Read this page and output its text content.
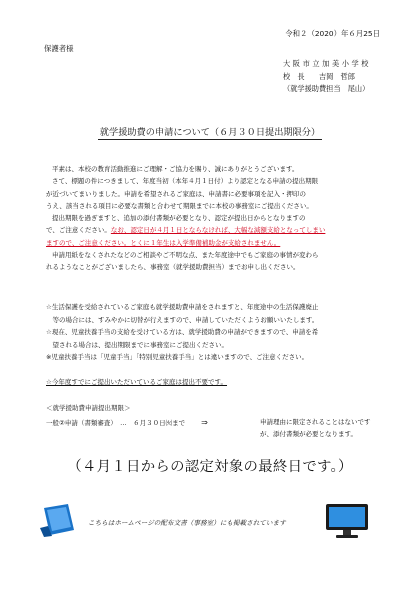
令和２（2020）年６月25日
保護者様
大阪市立加美小学校
校　長　　吉岡　哲郎
（就学援助費担当　尾山）
就学援助費の申請について（６月３０日提出期限分）
平素は、本校の教育活動推進にご理解・ご協力を賜り、誠にありがとうございます。
さて、標題の件につきまして、年度当初（本年４月１日付）より認定となる申請の提出期限
が近づいてまいりました。申請を希望されるご家庭は、申請書に必要事項を記入・押印の
うえ、該当される項目に必要な書類と合わせて期限までに本校の事務室にご提出ください。
提出期限を過ぎますと、追加の添付書類が必要となり、認定が提出日からとなりますの
で、ご注意ください。なお、認定日が４月１日とならなければ、大幅な減額支給となってしまい
ますので、ご注意ください。とくに１年生は入学準備補助金が支給されません。
申請用紙をなくされたなどのご相談やご不明な点、また年度途中でもご家庭の事情が変わら
れるようなことがございましたら、事務室（就学援助費担当）までお申し出ください。
☆生活保護を受給されているご家庭も就学援助費申請をされますと、年度途中の生活保護廃止
　等の場合には、すみやかに切替が行えますので、申請していただくようお願いいたします。
☆現在、児童扶養手当の支給を受けている方は、就学援助費の申請ができますので、申請を希
　望される場合は、提出期限までに事務室にご提出ください。
※児童扶養手当は「児童手当」「特別児童扶養手当」とは違いますので、ご注意ください。
☆今年度すでにご提出いただいているご家庭は提出不要です。
＜就学援助費申請提出期限＞
一般②申請（書類審査）　…　６月３０日㈫まで ⇒	申請理由に限定されることはないです
が、添付書類が必要となります。
（４月１日からの認定対象の最終日です。）
こちらはホームページの配布文書（事務室）にも掲載されています
